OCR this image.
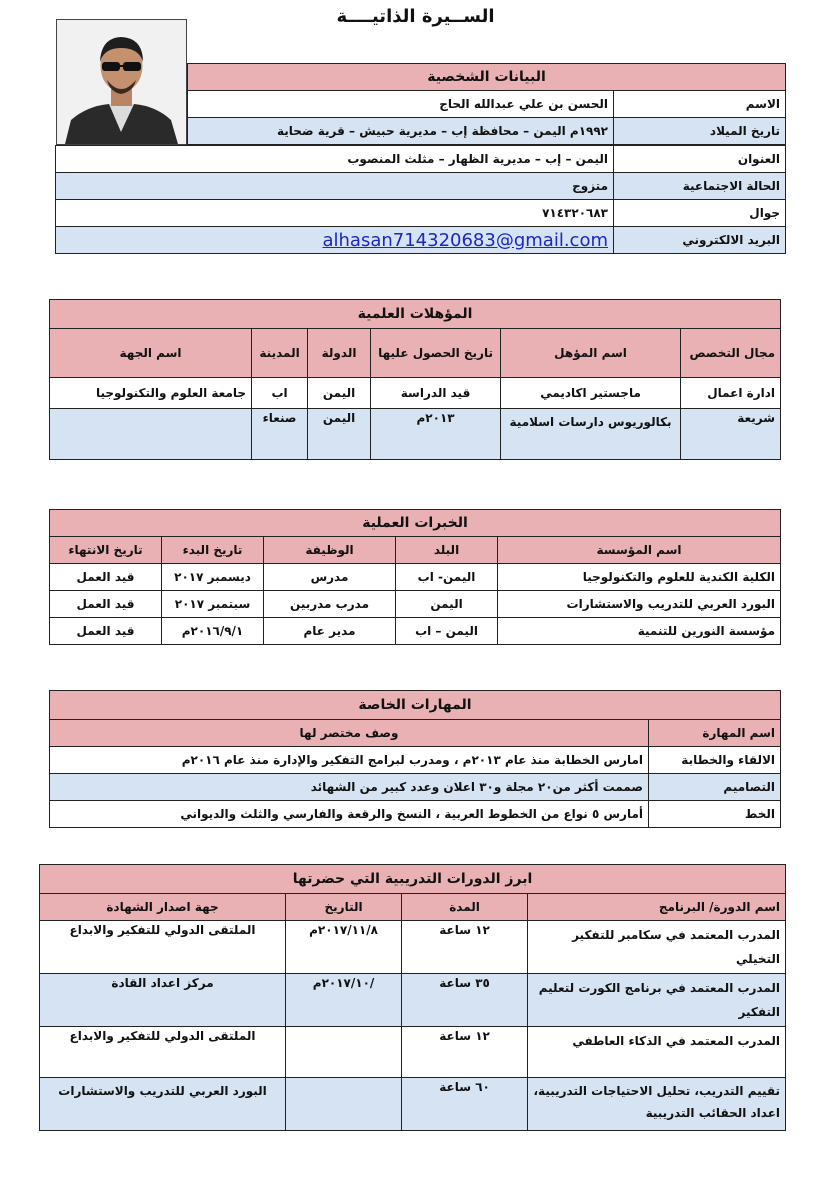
الســيرة الذاتيــــة
البيانات الشخصية	
الاسم	الحسن بن علي عبدالله الحاج
تاريخ الميلاد	١٩٩٢م اليمن – محافظة إب – مديرية حبيش – قرية ضحاية
العنوان	اليمن – إب – مديرية الظهار – مثلث المنصوب
الحالة الاجتماعية	متزوج
جوال	٧١٤٣٢٠٦٨٣
البريد الالكتروني	alhasan714320683@gmail.com
المؤهلات العلمية					
مجال التخصص	اسم المؤهل	تاريخ الحصول عليها	الدولة	المدينة	اسم الجهة
ادارة اعمال	ماجستير اكاديمي	قيد الدراسة	اليمن	اب	جامعة العلوم والتكنولوجيا
شريعة	بكالوريوس دارسات اسلامية	٢٠١٣م	اليمن	صنعاء	
الخبرات العملية				
اسم المؤسسة	البلد	الوظيفة	تاريخ البدء	تاريخ الانتهاء
الكلية الكندية للعلوم والتكنولوجيا	اليمن- اب	مدرس	ديسمبر ٢٠١٧	قيد العمل
البورد العربي للتدريب والاستشارات	اليمن	مدرب مدربين	سبتمبر ٢٠١٧	قيد العمل
مؤسسة النورين للتنمية	اليمن – اب	مدير عام	٢٠١٦/٩/١م	قيد العمل
المهارات الخاصة	
اسم المهارة	وصف مختصر لها
الالقاء والخطابة	امارس الخطابة منذ عام ٢٠١٣م ، ومدرب لبرامج التفكير والإدارة منذ عام ٢٠١٦م
التصاميم	صممت أكثر من٢٠ مجلة و٣٠ اعلان وعدد كبير من الشهائد
الخط	أمارس ٥ نواع من الخطوط العربية ، النسخ والرقعة والفارسي والثلث والديواني
ابرز الدورات التدريبية التي حضرتها			
اسم الدورة/ البرنامج	المدة	التاريخ	جهة اصدار الشهادة
المدرب المعتمد في سكامبر للتفكير التخيلي	١٢ ساعة	٢٠١٧/١١/٨م	الملتقى الدولي للتفكير والابداع
المدرب المعتمد في برنامج الكورت لتعليم التفكير	٣٥ ساعة	/٢٠١٧/١٠م	مركز اعداد القادة
المدرب المعتمد في الذكاء العاطفي	١٢ ساعة		الملتقى الدولي للتفكير والابداع
تقييم التدريب، تحليل الاحتياجات التدريبية، اعداد الحقائب التدريبية	٦٠ ساعة		البورد العربي للتدريب والاستشارات
